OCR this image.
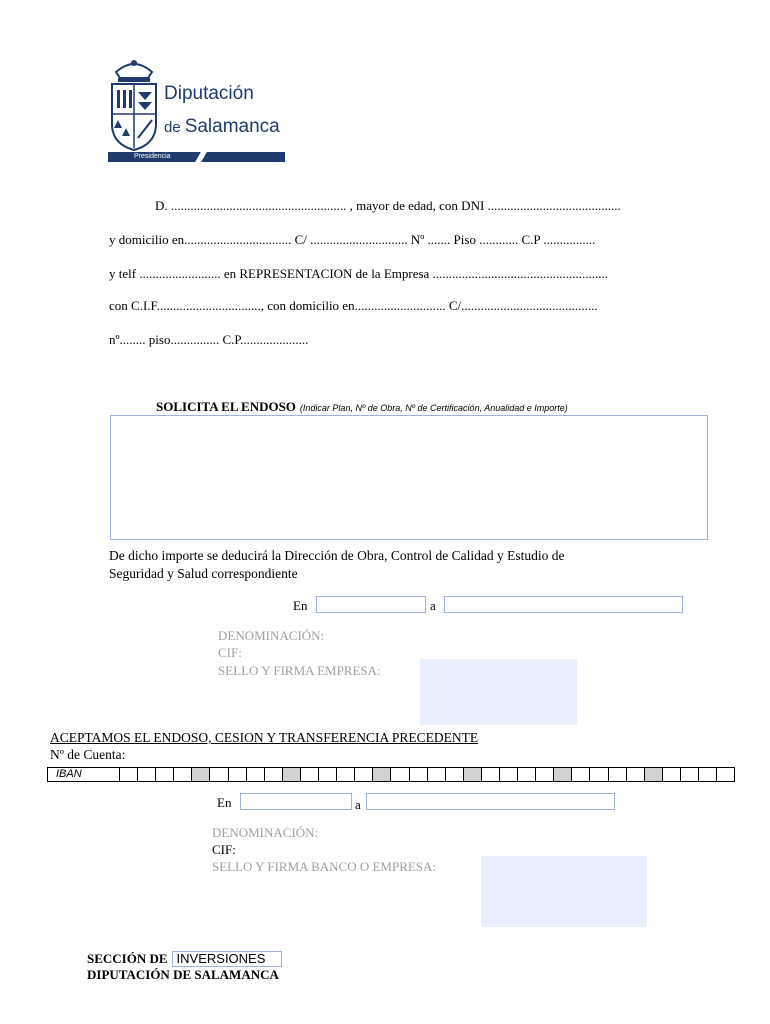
Diputación
de Salamanca
Presidencia
D. ...................................................... , mayor de edad, con DNI .........................................
y domicilio en................................. C/ .............................. Nº ....... Piso ............ C.P ................
y telf ......................... en REPRESENTACION de la Empresa ......................................................
con C.I.F................................, con domicilio en............................ C/..........................................
nº........ piso............... C.P.....................
SOLICITA EL ENDOSO (Indicar Plan, Nº de Obra, Nº de Certificación, Anualidad e Importe)
De dicho importe se deducirá la Dirección de Obra, Control de Calidad y Estudio de
Seguridad y Salud correspondiente
En	a
DENOMINACIÓN:
CIF:
SELLO Y FIRMA EMPRESA:
ACEPTAMOS EL ENDOSO, CESION Y TRANSFERENCIA PRECEDENTE
Nº de Cuenta:
IBAN
En	a
DENOMINACIÓN:
CIF:
SELLO Y FIRMA BANCO O EMPRESA:
SECCIÓN DE INVERSIONES
DIPUTACIÓN DE SALAMANCA
